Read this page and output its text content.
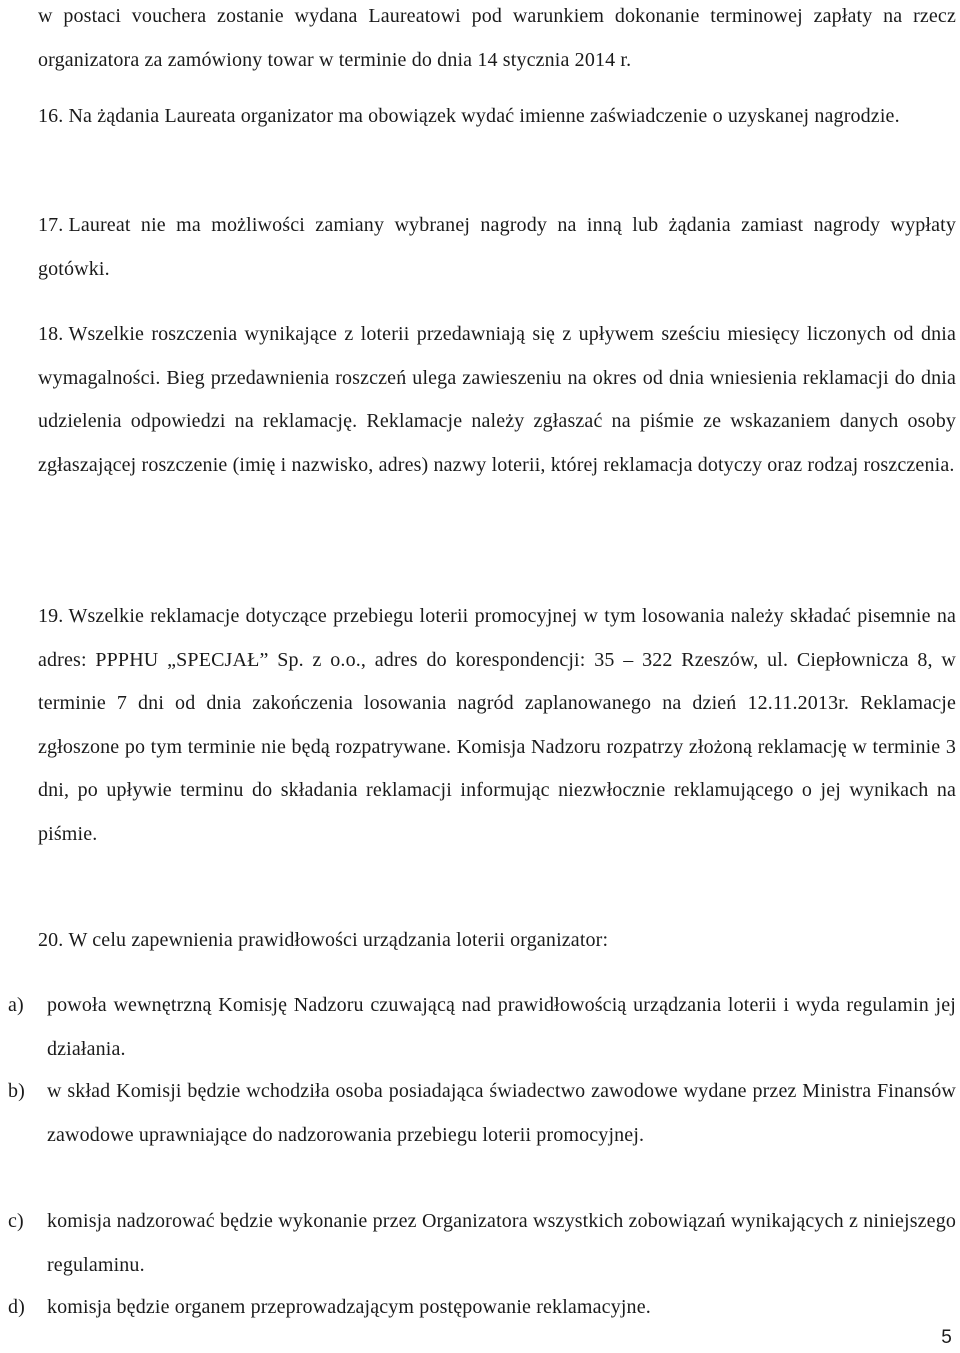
w postaci vouchera zostanie wydana Laureatowi pod warunkiem dokonanie terminowej zapłaty na rzecz organizatora za zamówiony towar w terminie do dnia 14 stycznia 2014 r.
16. Na żądania Laureata organizator ma obowiązek wydać imienne zaświadczenie o uzyskanej nagrodzie.
17. Laureat nie ma możliwości zamiany wybranej nagrody na inną lub żądania zamiast nagrody wypłaty gotówki.
18. Wszelkie roszczenia wynikające z loterii przedawniają się z upływem sześciu miesięcy liczonych od dnia wymagalności. Bieg przedawnienia roszczeń ulega zawieszeniu na okres od dnia wniesienia reklamacji do dnia udzielenia odpowiedzi na reklamację. Reklamacje należy zgłaszać na piśmie ze wskazaniem danych osoby zgłaszającej roszczenie (imię i nazwisko, adres) nazwy loterii, której reklamacja dotyczy oraz rodzaj roszczenia.
19. Wszelkie reklamacje dotyczące przebiegu loterii promocyjnej w tym losowania należy składać pisemnie na adres: PPPHU „SPECJAŁ” Sp. z o.o., adres do korespondencji: 35 – 322 Rzeszów, ul. Ciepłownicza 8, w terminie 7 dni od dnia zakończenia losowania nagród zaplanowanego na dzień 12.11.2013r. Reklamacje zgłoszone po tym terminie nie będą rozpatrywane. Komisja Nadzoru rozpatrzy złożoną reklamację w terminie 3 dni, po upływie terminu do składania reklamacji informując niezwłocznie reklamującego o jej wynikach na piśmie.
20. W celu zapewnienia prawidłowości urządzania loterii organizator:
a)	powoła wewnętrzną Komisję Nadzoru czuwającą nad prawidłowością urządzania loterii i wyda regulamin jej działania.
b)	w skład Komisji będzie wchodziła osoba posiadająca świadectwo zawodowe wydane przez Ministra Finansów zawodowe uprawniające do nadzorowania przebiegu loterii promocyjnej.
c)	komisja nadzorować będzie wykonanie przez Organizatora wszystkich zobowiązań wynikających z niniejszego regulaminu.
d)	komisja będzie organem przeprowadzającym postępowanie reklamacyjne.
5
